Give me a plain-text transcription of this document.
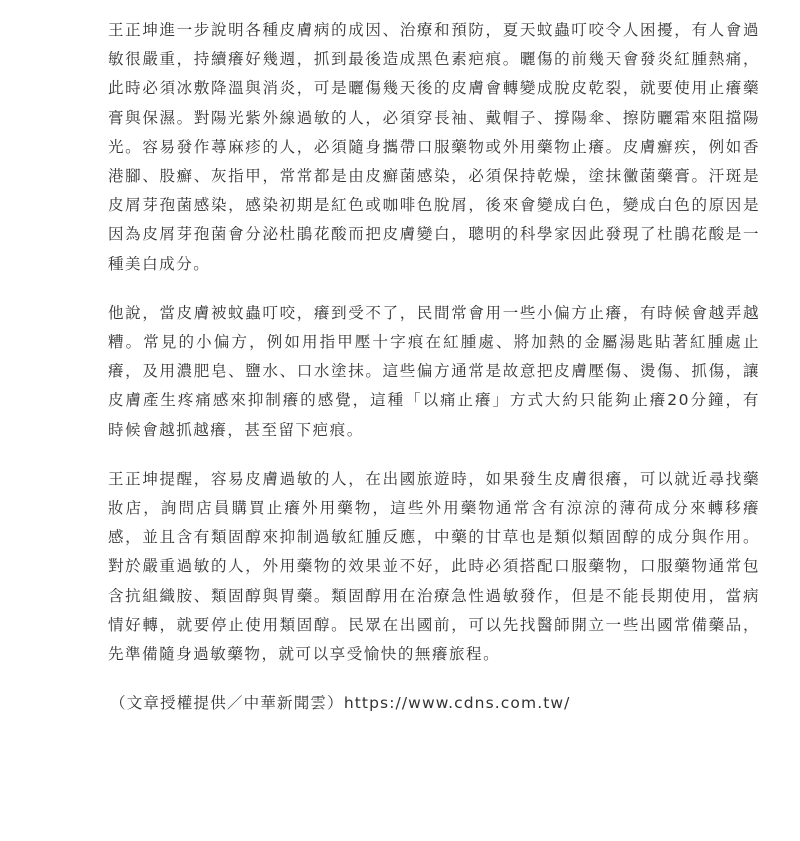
王正坤進一步說明各種皮膚病的成因、治療和預防，夏天蚊蟲叮咬令人困擾，有人會過敏很嚴重，持續癢好幾週，抓到最後造成黑色素疤痕。曬傷的前幾天會發炎紅腫熱痛，此時必須冰敷降溫與消炎，可是曬傷幾天後的皮膚會轉變成脫皮乾裂，就要使用止癢藥膏與保濕。對陽光紫外線過敏的人，必須穿長袖、戴帽子、撐陽傘、擦防曬霜來阻擋陽光。容易發作蕁麻疹的人，必須隨身攜帶口服藥物或外用藥物止癢。皮膚癬疾，例如香港腳、股癬、灰指甲，常常都是由皮癬菌感染，必須保持乾燥，塗抹黴菌藥膏。汗斑是皮屑芽孢菌感染，感染初期是紅色或咖啡色脫屑，後來會變成白色，變成白色的原因是因為皮屑芽孢菌會分泌杜鵑花酸而把皮膚變白，聰明的科學家因此發現了杜鵑花酸是一種美白成分。

他說，當皮膚被蚊蟲叮咬，癢到受不了，民間常會用一些小偏方止癢，有時候會越弄越糟。常見的小偏方，例如用指甲壓十字痕在紅腫處、將加熱的金屬湯匙貼著紅腫處止癢，及用濃肥皂、鹽水、口水塗抹。這些偏方通常是故意把皮膚壓傷、燙傷、抓傷，讓皮膚產生疼痛感來抑制癢的感覺，這種「以痛止癢」方式大約只能夠止癢20分鐘，有時候會越抓越癢，甚至留下疤痕。

王正坤提醒，容易皮膚過敏的人，在出國旅遊時，如果發生皮膚很癢，可以就近尋找藥妝店，詢問店員購買止癢外用藥物，這些外用藥物通常含有涼涼的薄荷成分來轉移癢感，並且含有類固醇來抑制過敏紅腫反應，中藥的甘草也是類似類固醇的成分與作用。對於嚴重過敏的人，外用藥物的效果並不好，此時必須搭配口服藥物，口服藥物通常包含抗組織胺、類固醇與胃藥。類固醇用在治療急性過敏發作，但是不能長期使用，當病情好轉，就要停止使用類固醇。民眾在出國前，可以先找醫師開立一些出國常備藥品，先準備隨身過敏藥物，就可以享受愉快的無癢旅程。

（文章授權提供／中華新聞雲）https://www.cdns.com.tw/
